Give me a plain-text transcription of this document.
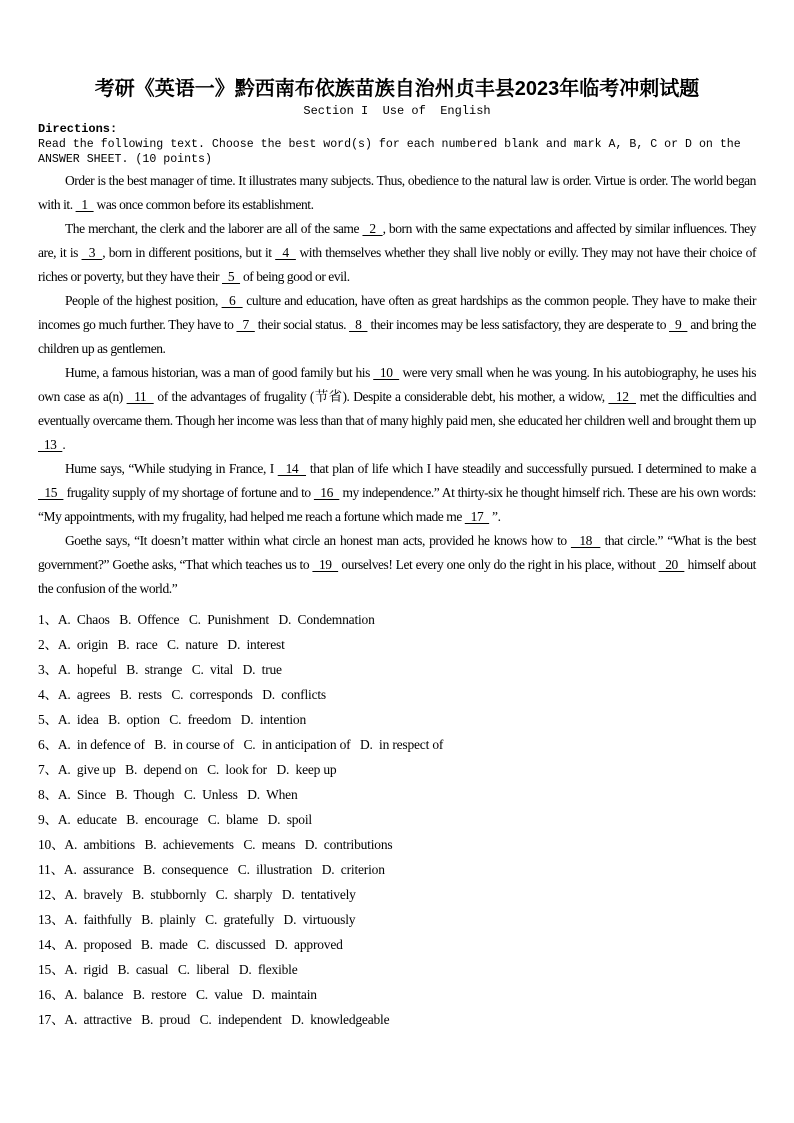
考研《英语一》黔西南布依族苗族自治州贞丰县2023年临考冲刺试题
Section I  Use of  English
Directions:
Read the following text. Choose the best word(s) for each numbered blank and mark A, B, C or D on the
ANSWER SHEET. (10 points)

Order is the best manager of time. It illustrates many subjects. Thus, obedience to the natural law is order. Virtue is order. The world began with it.   1   was once common before its establishment.

The merchant, the clerk and the laborer are all of the same   2  , born with the same expectations and affected by similar influences. They are, it is   3  , born in different positions, but it   4   with themselves whether they shall live nobly or evilly. They may not have their choice of riches or poverty, but they have their   5   of being good or evil.

People of the highest position,   6   culture and education, have often as great hardships as the common people. They have to make their incomes go much further. They have to   7   their social status.   8   their incomes may be less satisfactory, they are desperate to   9   and bring the children up as gentlemen.

Hume, a famous historian, was a man of good family but his   10   were very small when he was young. In his autobiography, he uses his own case as a(n)   11   of the advantages of frugality (节省). Despite a considerable debt, his mother, a widow,   12   met the difficulties and eventually overcame them. Though her income was less than that of many highly paid men, she educated her children well and brought them up   13  .

Hume says, “While studying in France, I   14   that plan of life which I have steadily and successfully pursued. I determined to make a   15   frugality supply of my shortage of fortune and to   16   my independence.” At thirty-six he thought himself rich. These are his own words: “My appointments, with my frugality, had helped me reach a fortune which made me   17   ”.

Goethe says, “It doesn’t matter within what circle an honest man acts, provided he knows how to   18   that circle.” “What is the best government?” Goethe asks, “That which teaches us to   19   ourselves! Let every one only do the right in his place, without   20   himself about the confusion of the world.”

1、A.  Chaos   B.  Offence   C.  Punishment   D.  Condemnation
2、A.  origin   B.  race   C.  nature   D.  interest
3、A.  hopeful   B.  strange   C.  vital   D.  true
4、A.  agrees   B.  rests   C.  corresponds   D.  conflicts
5、A.  idea   B.  option   C.  freedom   D.  intention
6、A.  in defence of   B.  in course of   C.  in anticipation of   D.  in respect of
7、A.  give up   B.  depend on   C.  look for   D.  keep up
8、A.  Since   B.  Though   C.  Unless   D.  When
9、A.  educate   B.  encourage   C.  blame   D.  spoil
10、A.  ambitions   B.  achievements   C.  means   D.  contributions
11、A.  assurance   B.  consequence   C.  illustration   D.  criterion
12、A.  bravely   B.  stubbornly   C.  sharply   D.  tentatively
13、A.  faithfully   B.  plainly   C.  gratefully   D.  virtuously
14、A.  proposed   B.  made   C.  discussed   D.  approved
15、A.  rigid   B.  casual   C.  liberal   D.  flexible
16、A.  balance   B.  restore   C.  value   D.  maintain
17、A.  attractive   B.  proud   C.  independent   D.  knowledgeable
